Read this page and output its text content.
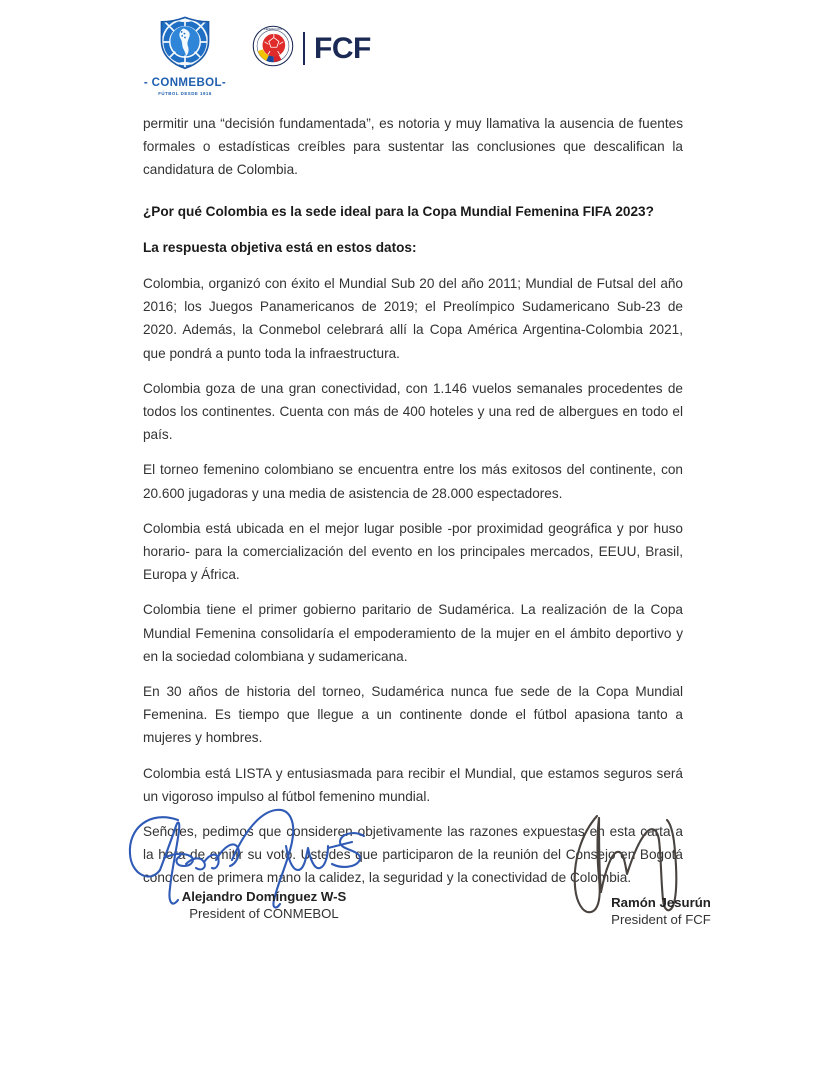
- CONMEBOL-
FÚTBOL DESDE 1916
FEDERACION
FCF

permitir una “decisión fundamentada”, es notoria y muy llamativa la ausencia de fuentes formales o estadísticas creíbles para sustentar las conclusiones que descalifican la candidatura de Colombia.

¿Por qué Colombia es la sede ideal para la Copa Mundial Femenina FIFA 2023?

La respuesta objetiva está en estos datos:

Colombia, organizó con éxito el Mundial Sub 20 del año 2011; Mundial de Futsal del año 2016; los Juegos Panamericanos de 2019; el Preolímpico Sudamericano Sub-23 de 2020. Además, la Conmebol celebrará allí la Copa América Argentina-Colombia 2021, que pondrá a punto toda la infraestructura.

Colombia goza de una gran conectividad, con 1.146 vuelos semanales procedentes de todos los continentes. Cuenta con más de 400 hoteles y una red de albergues en todo el país.

El torneo femenino colombiano se encuentra entre los más exitosos del continente, con 20.600 jugadoras y una media de asistencia de 28.000 espectadores.

Colombia está ubicada en el mejor lugar posible -por proximidad geográfica y por huso horario- para la comercialización del evento en los principales mercados, EEUU, Brasil, Europa y África.

Colombia tiene el primer gobierno paritario de Sudamérica. La realización de la Copa Mundial Femenina consolidaría el empoderamiento de la mujer en el ámbito deportivo y en la sociedad colombiana y sudamericana.

En 30 años de historia del torneo, Sudamérica nunca fue sede de la Copa Mundial Femenina. Es tiempo que llegue a un continente donde el fútbol apasiona tanto a mujeres y hombres.

Colombia está LISTA y entusiasmada para recibir el Mundial, que estamos seguros será un vigoroso impulso al fútbol femenino mundial.

Señores, pedimos que consideren objetivamente las razones expuestas en esta carta a la hora de emitir su voto. Ustedes que participaron de la reunión del Consejo en Bogotá conocen de primera mano la calidez, la seguridad y la conectividad de Colombia.

Alejandro Domínguez W-S
President of CONMEBOL
Ramón Jesurún
President of FCF
